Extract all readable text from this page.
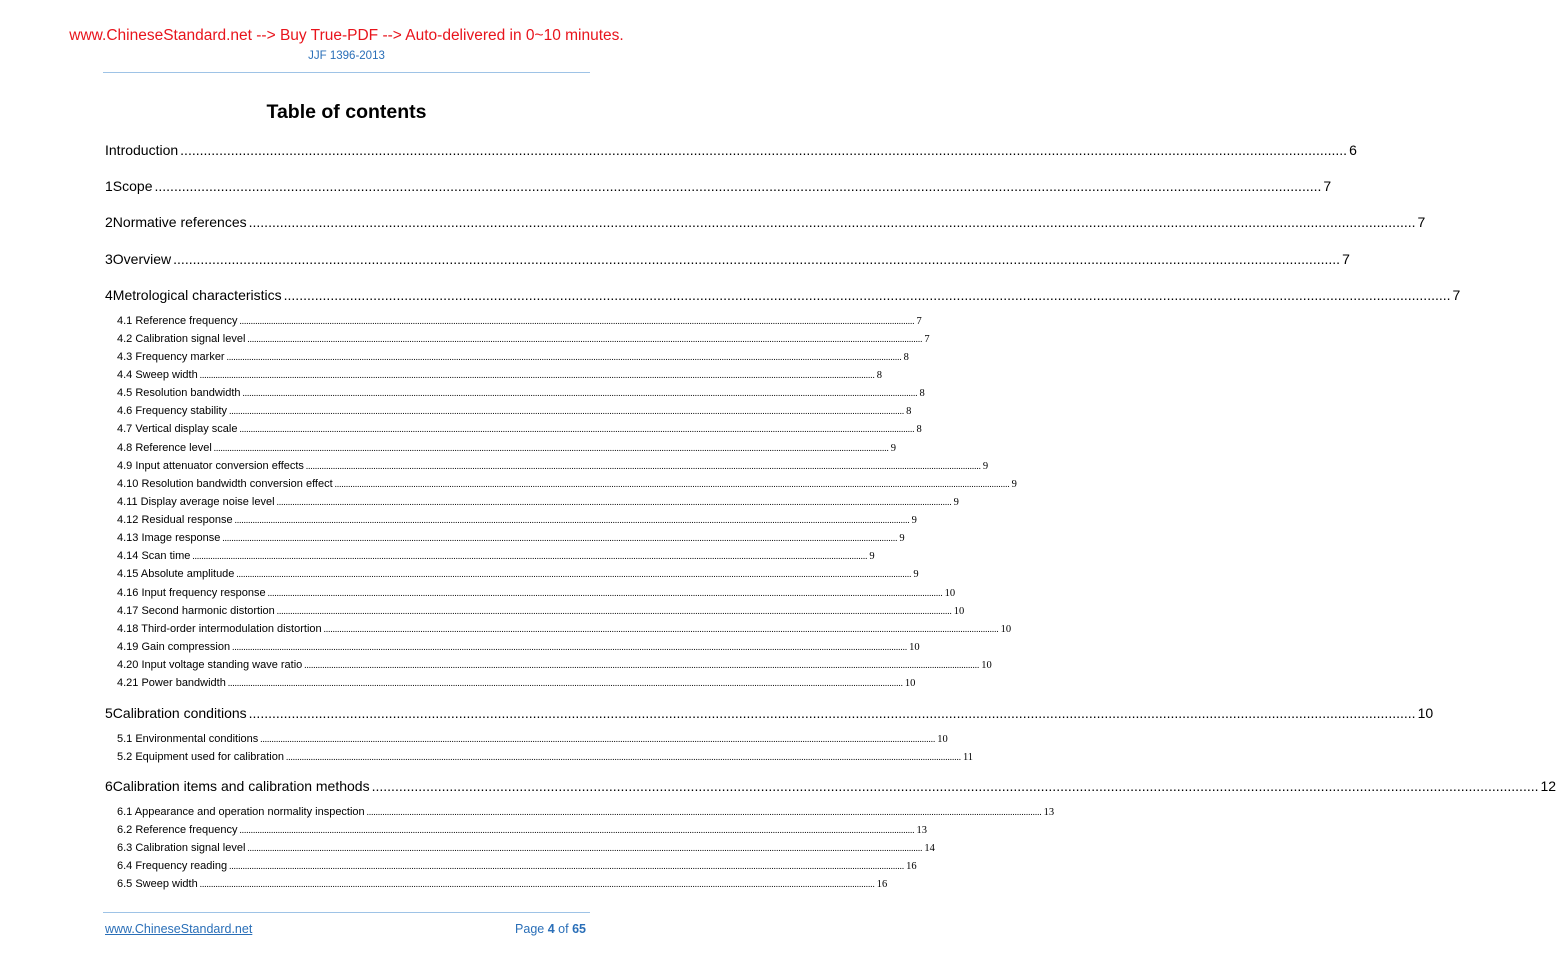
www.ChineseStandard.net --> Buy True-PDF --> Auto-delivered in 0~10 minutes.
JJF 1396-2013
Table of contents
Introduction ............................................................................................................................................................................................................................................................................................................ 6
1 Scope ............................................................................................................................................................................................................................................................................................................ 7
2 Normative references ............................................................................................................................................................................................................................................................................................................ 7
3 Overview ............................................................................................................................................................................................................................................................................................................ 7
4 Metrological characteristics ............................................................................................................................................................................................................................................................................................................ 7
4.1 Reference frequency ............................................................................................................................................................................................................................................................................................................ 7
4.2 Calibration signal level ............................................................................................................................................................................................................................................................................................................ 7
4.3 Frequency marker ............................................................................................................................................................................................................................................................................................................ 8
4.4 Sweep width ............................................................................................................................................................................................................................................................................................................ 8
4.5 Resolution bandwidth ............................................................................................................................................................................................................................................................................................................ 8
4.6 Frequency stability ............................................................................................................................................................................................................................................................................................................ 8
4.7 Vertical display scale ............................................................................................................................................................................................................................................................................................................ 8
4.8 Reference level ............................................................................................................................................................................................................................................................................................................ 9
4.9 Input attenuator conversion effects ............................................................................................................................................................................................................................................................................................................ 9
4.10 Resolution bandwidth conversion effect ............................................................................................................................................................................................................................................................................................................ 9
4.11 Display average noise level ............................................................................................................................................................................................................................................................................................................ 9
4.12 Residual response ............................................................................................................................................................................................................................................................................................................ 9
4.13 Image response ............................................................................................................................................................................................................................................................................................................ 9
4.14 Scan time ............................................................................................................................................................................................................................................................................................................ 9
4.15 Absolute amplitude ............................................................................................................................................................................................................................................................................................................ 9
4.16 Input frequency response ............................................................................................................................................................................................................................................................................................................ 10
4.17 Second harmonic distortion ............................................................................................................................................................................................................................................................................................................ 10
4.18 Third-order intermodulation distortion ............................................................................................................................................................................................................................................................................................................ 10
4.19 Gain compression ............................................................................................................................................................................................................................................................................................................ 10
4.20 Input voltage standing wave ratio ............................................................................................................................................................................................................................................................................................................ 10
4.21 Power bandwidth ............................................................................................................................................................................................................................................................................................................ 10
5 Calibration conditions ............................................................................................................................................................................................................................................................................................................ 10
5.1 Environmental conditions ............................................................................................................................................................................................................................................................................................................ 10
5.2 Equipment used for calibration ............................................................................................................................................................................................................................................................................................................ 11
6 Calibration items and calibration methods ............................................................................................................................................................................................................................................................................................................ 12
6.1 Appearance and operation normality inspection ............................................................................................................................................................................................................................................................................................................ 13
6.2 Reference frequency ............................................................................................................................................................................................................................................................................................................ 13
6.3 Calibration signal level ............................................................................................................................................................................................................................................................................................................ 14
6.4 Frequency reading ............................................................................................................................................................................................................................................................................................................ 16
6.5 Sweep width ............................................................................................................................................................................................................................................................................................................ 16
www.ChineseStandard.net	Page 4 of 65
